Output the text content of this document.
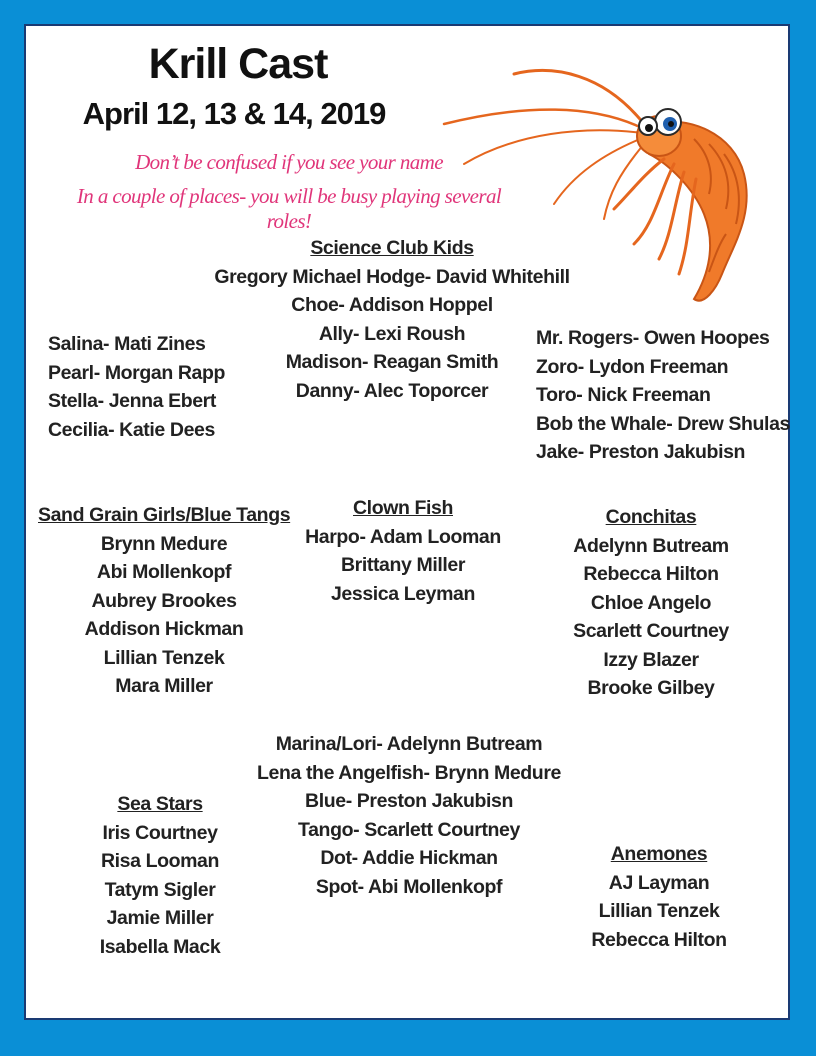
Krill Cast
April 12, 13 & 14, 2019
Don’t be confused if you see your name
In a couple of places- you will be busy playing several roles!
Science Club Kids
Gregory Michael Hodge- David Whitehill
Choe- Addison Hoppel
Ally- Lexi Roush
Madison- Reagan Smith
Danny- Alec Toporcer
Salina- Mati Zines
Pearl- Morgan Rapp
Stella- Jenna Ebert
Cecilia- Katie Dees
Mr. Rogers- Owen Hoopes
Zoro- Lydon Freeman
Toro- Nick Freeman
Bob the Whale- Drew Shulas
Jake- Preston Jakubisn
Sand Grain Girls/Blue Tangs
Brynn Medure
Abi Mollenkopf
Aubrey Brookes
Addison Hickman
Lillian Tenzek
Mara Miller
Clown Fish
Harpo- Adam Looman
Brittany Miller
Jessica Leyman
Conchitas
Adelynn Butream
Rebecca Hilton
Chloe Angelo
Scarlett Courtney
Izzy Blazer
Brooke Gilbey
Marina/Lori- Adelynn Butream
Lena the Angelfish- Brynn Medure
Blue- Preston Jakubisn
Tango- Scarlett Courtney
Dot- Addie Hickman
Spot- Abi Mollenkopf
Sea Stars
Iris Courtney
Risa Looman
Tatym Sigler
Jamie Miller
Isabella Mack
Anemones
AJ Layman
Lillian Tenzek
Rebecca Hilton
